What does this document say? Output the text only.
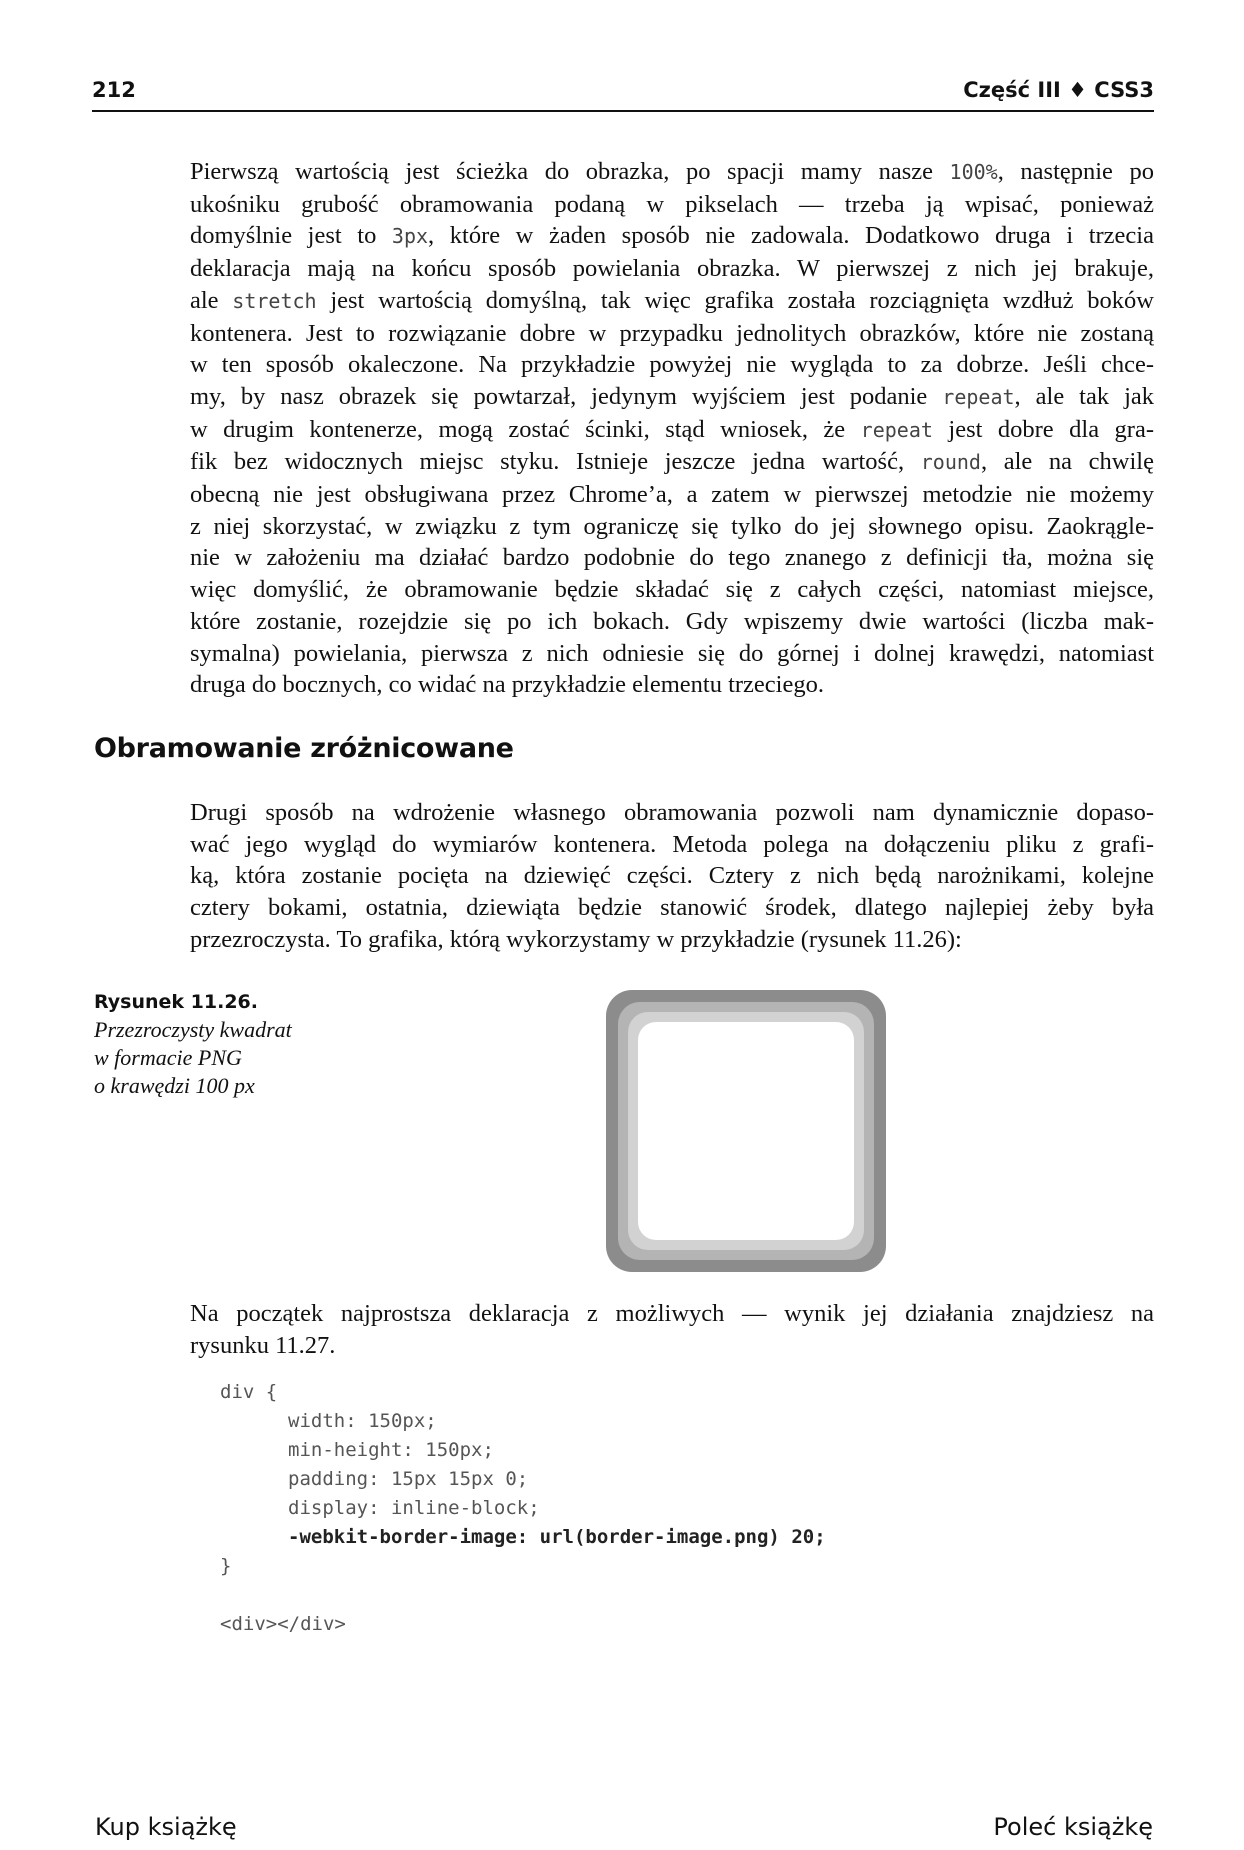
212	Część III ♦ CSS3
Pierwszą wartością jest ścieżka do obrazka, po spacji mamy nasze 100%, następnie po
ukośniku grubość obramowania podaną w pikselach — trzeba ją wpisać, ponieważ
domyślnie jest to 3px, które w żaden sposób nie zadowala. Dodatkowo druga i trzecia
deklaracja mają na końcu sposób powielania obrazka. W pierwszej z nich jej brakuje,
ale stretch jest wartością domyślną, tak więc grafika została rozciągnięta wzdłuż boków
kontenera. Jest to rozwiązanie dobre w przypadku jednolitych obrazków, które nie zostaną
w ten sposób okaleczone. Na przykładzie powyżej nie wygląda to za dobrze. Jeśli chce-
my, by nasz obrazek się powtarzał, jedynym wyjściem jest podanie repeat, ale tak jak
w drugim kontenerze, mogą zostać ścinki, stąd wniosek, że repeat jest dobre dla gra-
fik bez widocznych miejsc styku. Istnieje jeszcze jedna wartość, round, ale na chwilę
obecną nie jest obsługiwana przez Chrome’a, a zatem w pierwszej metodzie nie możemy
z niej skorzystać, w związku z tym ograniczę się tylko do jej słownego opisu. Zaokrągle-
nie w założeniu ma działać bardzo podobnie do tego znanego z definicji tła, można się
więc domyślić, że obramowanie będzie składać się z całych części, natomiast miejsce,
które zostanie, rozejdzie się po ich bokach. Gdy wpiszemy dwie wartości (liczba mak-
symalna) powielania, pierwsza z nich odniesie się do górnej i dolnej krawędzi, natomiast
druga do bocznych, co widać na przykładzie elementu trzeciego.
Obramowanie zróżnicowane
Drugi sposób na wdrożenie własnego obramowania pozwoli nam dynamicznie dopaso-
wać jego wygląd do wymiarów kontenera. Metoda polega na dołączeniu pliku z grafi-
ką, która zostanie pocięta na dziewięć części. Cztery z nich będą narożnikami, kolejne
cztery bokami, ostatnia, dziewiąta będzie stanowić środek, dlatego najlepiej żeby była
przezroczysta. To grafika, którą wykorzystamy w przykładzie (rysunek 11.26):
Rysunek 11.26.
Przezroczysty kwadrat
w formacie PNG
o krawędzi 100 px
Na początek najprostsza deklaracja z możliwych — wynik jej działania znajdziesz na
rysunku 11.27.
div {
width: 150px;
min-height: 150px;
padding: 15px 15px 0;
display: inline-block;
-webkit-border-image: url(border-image.png) 20;
}
<div></div>
Kup książkę	Poleć książkę
